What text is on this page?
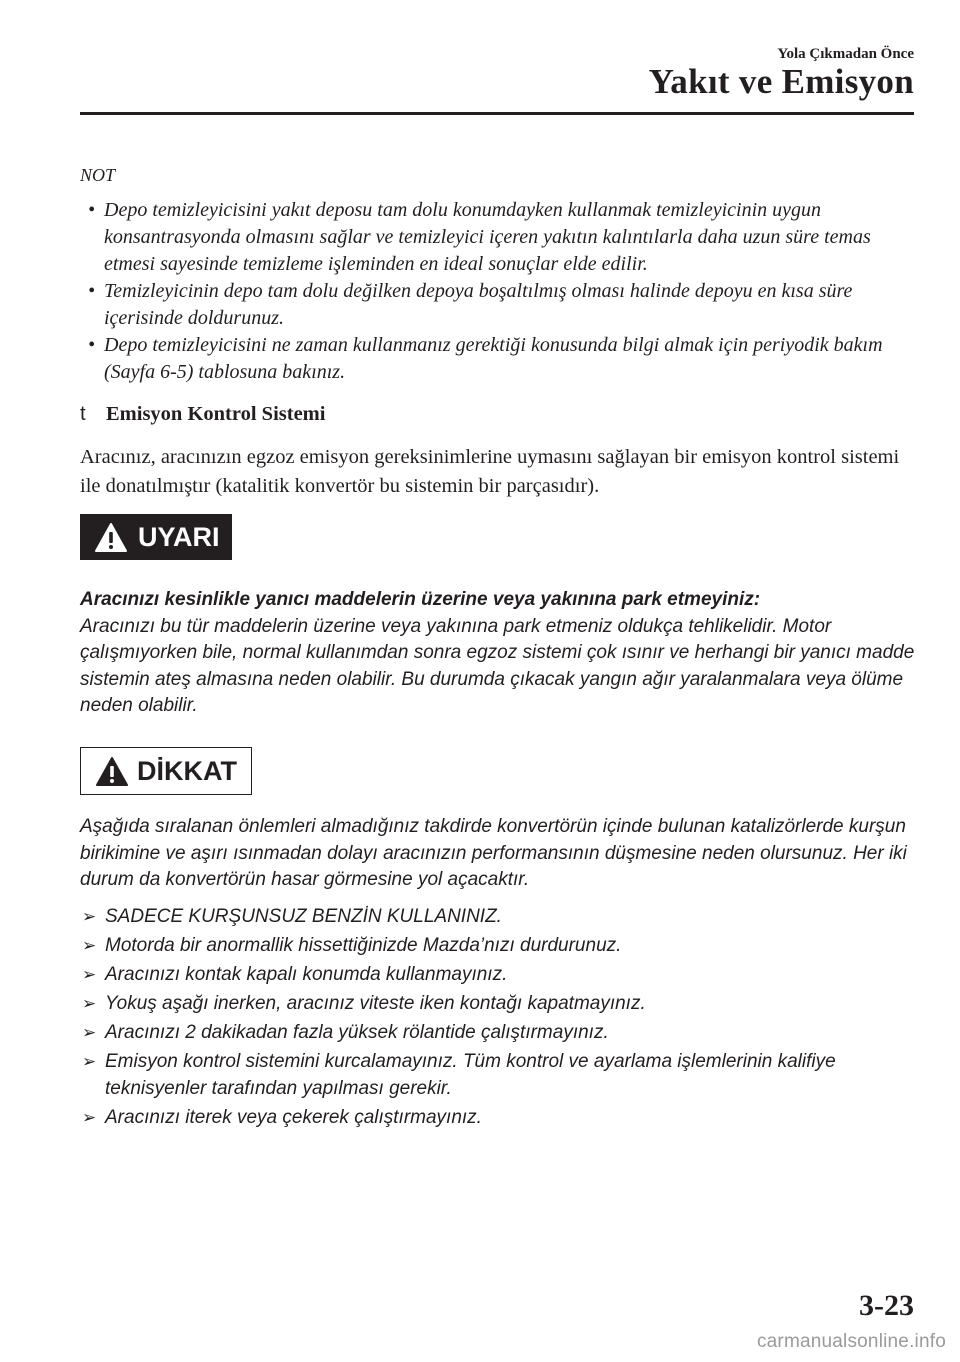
Yola Çıkmadan Önce
Yakıt ve Emisyon
NOT
• Depo temizleyicisini yakıt deposu tam dolu konumdayken kullanmak temizleyicinin uygun konsantrasyonda olmasını sağlar ve temizleyici içeren yakıtın kalıntılarla daha uzun süre temas etmesi sayesinde temizleme işleminden en ideal sonuçlar elde edilir.
• Temizleyicinin depo tam dolu değilken depoya boşaltılmış olması halinde depoyu en kısa süre içerisinde doldurunuz.
• Depo temizleyicisini ne zaman kullanmanız gerektiği konusunda bilgi almak için periyodik bakım (Sayfa 6-5) tablosuna bakınız.
t Emisyon Kontrol Sistemi
Aracınız, aracınızın egzoz emisyon gereksinimlerine uymasını sağlayan bir emisyon kontrol sistemi ile donatılmıştır (katalitik konvertör bu sistemin bir parçasıdır).
UYARI
Aracınızı kesinlikle yanıcı maddelerin üzerine veya yakınına park etmeyiniz:
Aracınızı bu tür maddelerin üzerine veya yakınına park etmeniz oldukça tehlikelidir. Motor çalışmıyorken bile, normal kullanımdan sonra egzoz sistemi çok ısınır ve herhangi bir yanıcı madde sistemin ateş almasına neden olabilir. Bu durumda çıkacak yangın ağır yaralanmalara veya ölüme neden olabilir.
DİKKAT
Aşağıda sıralanan önlemleri almadığınız takdirde konvertörün içinde bulunan katalizörlerde kurşun birikimine ve aşırı ısınmadan dolayı aracınızın performansının düşmesine neden olursunuz. Her iki durum da konvertörün hasar görmesine yol açacaktır.
➢ SADECE KURŞUNSUZ BENZİN KULLANINIZ.
➢ Motorda bir anormallik hissettiğinizde Mazda’nızı durdurunuz.
➢ Aracınızı kontak kapalı konumda kullanmayınız.
➢ Yokuş aşağı inerken, aracınız viteste iken kontağı kapatmayınız.
➢ Aracınızı 2 dakikadan fazla yüksek rölantide çalıştırmayınız.
➢ Emisyon kontrol sistemini kurcalamayınız. Tüm kontrol ve ayarlama işlemlerinin kalifiye teknisyenler tarafından yapılması gerekir.
➢ Aracınızı iterek veya çekerek çalıştırmayınız.
3-23
carmanualsonline.info
